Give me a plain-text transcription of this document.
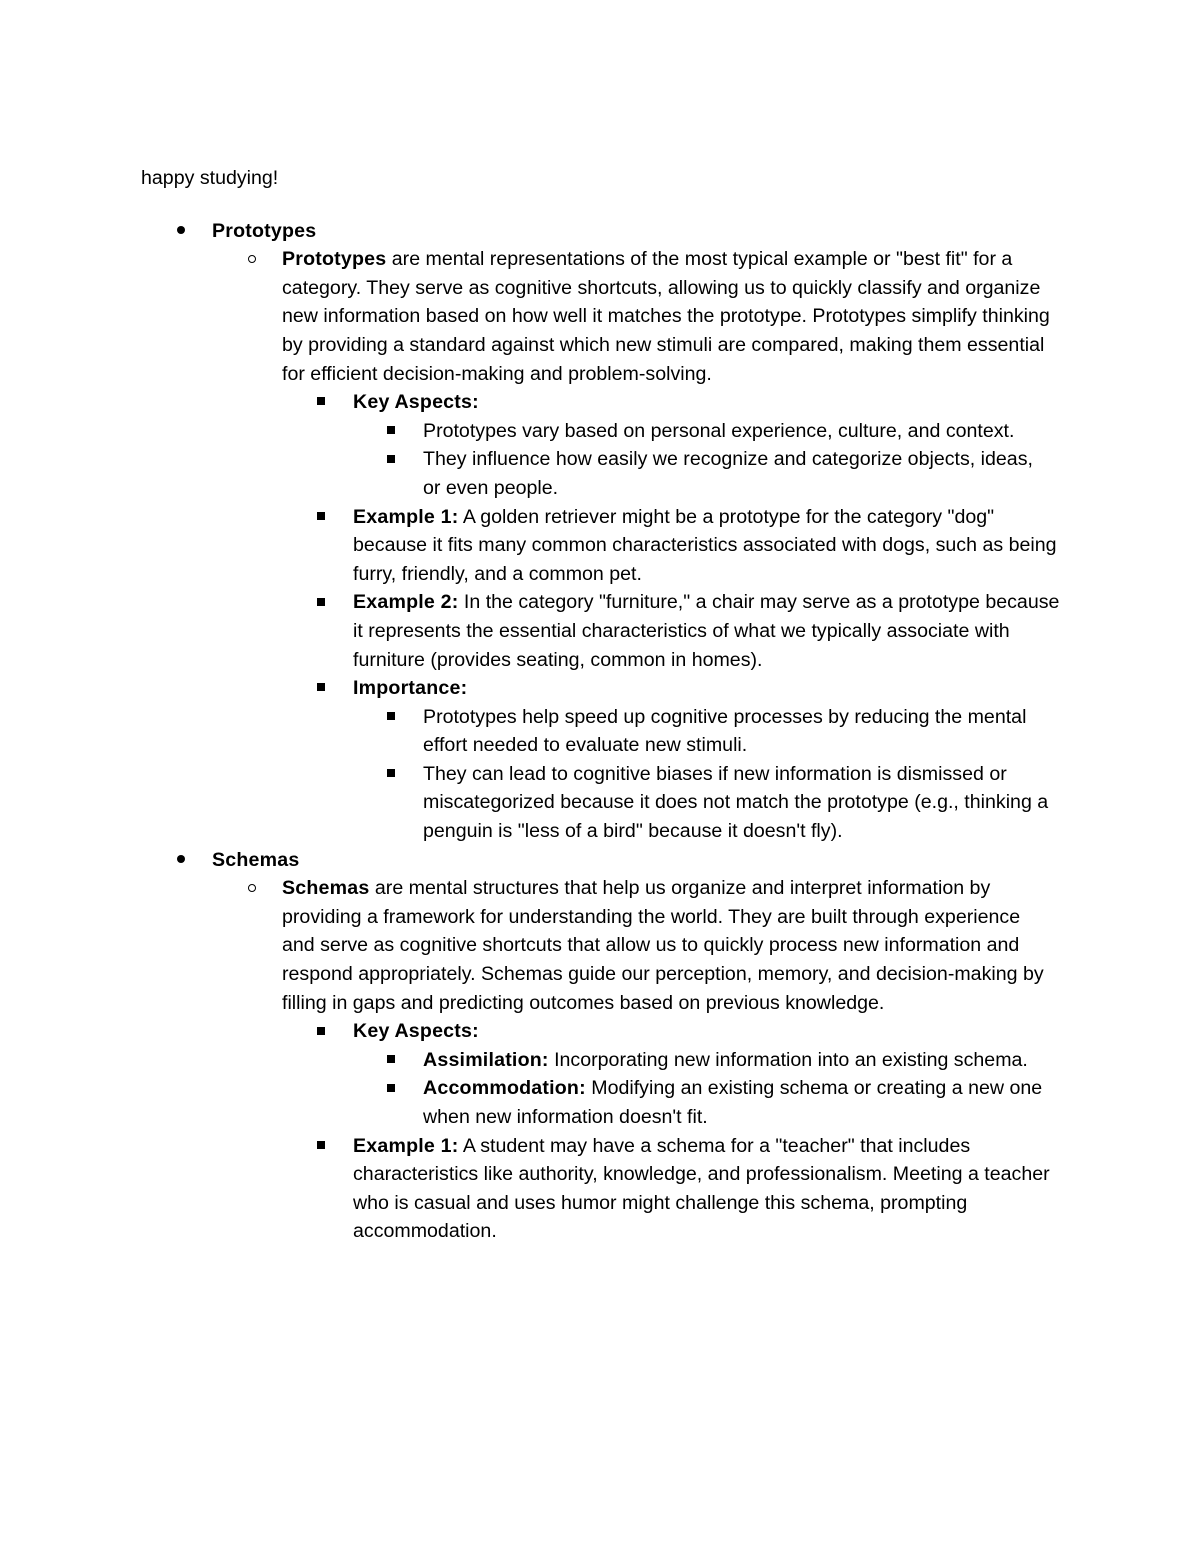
happy studying!
Prototypes
Prototypes are mental representations of the most typical example or "best fit" for a category. They serve as cognitive shortcuts, allowing us to quickly classify and organize new information based on how well it matches the prototype. Prototypes simplify thinking by providing a standard against which new stimuli are compared, making them essential for efficient decision-making and problem-solving.
Key Aspects:
Prototypes vary based on personal experience, culture, and context.
They influence how easily we recognize and categorize objects, ideas, or even people.
Example 1: A golden retriever might be a prototype for the category "dog" because it fits many common characteristics associated with dogs, such as being furry, friendly, and a common pet.
Example 2: In the category "furniture," a chair may serve as a prototype because it represents the essential characteristics of what we typically associate with furniture (provides seating, common in homes).
Importance:
Prototypes help speed up cognitive processes by reducing the mental effort needed to evaluate new stimuli.
They can lead to cognitive biases if new information is dismissed or miscategorized because it does not match the prototype (e.g., thinking a penguin is "less of a bird" because it doesn't fly).
Schemas
Schemas are mental structures that help us organize and interpret information by providing a framework for understanding the world. They are built through experience and serve as cognitive shortcuts that allow us to quickly process new information and respond appropriately. Schemas guide our perception, memory, and decision-making by filling in gaps and predicting outcomes based on previous knowledge.
Key Aspects:
Assimilation: Incorporating new information into an existing schema.
Accommodation: Modifying an existing schema or creating a new one when new information doesn't fit.
Example 1: A student may have a schema for a "teacher" that includes characteristics like authority, knowledge, and professionalism. Meeting a teacher who is casual and uses humor might challenge this schema, prompting accommodation.
